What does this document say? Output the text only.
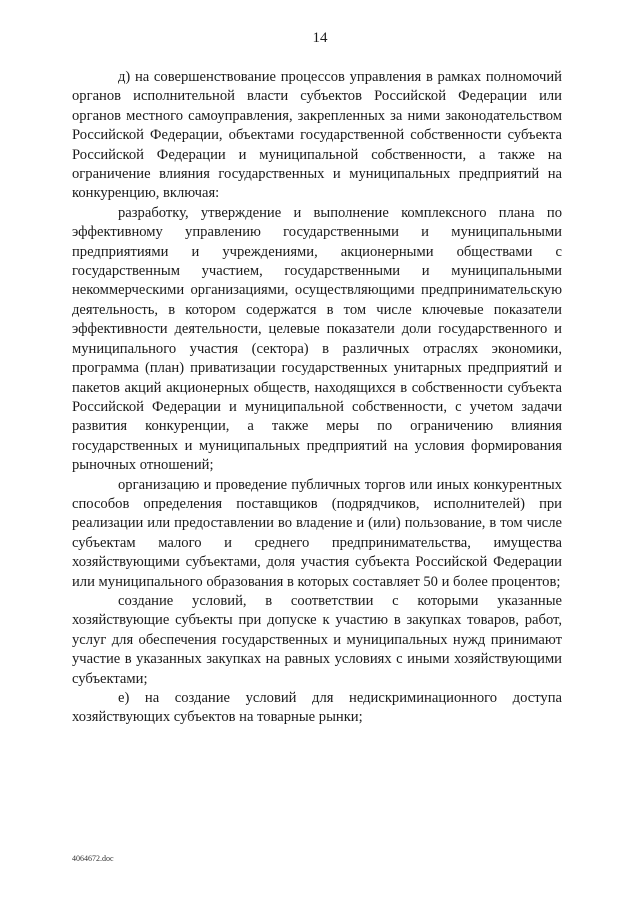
14

д) на совершенствование процессов управления в рамках полномочий органов исполнительной власти субъектов Российской Федерации или органов местного самоуправления, закрепленных за ними законодательством Российской Федерации, объектами государственной собственности субъекта Российской Федерации и муниципальной собственности, а также на ограничение влияния государственных и муниципальных предприятий на конкуренцию, включая:

разработку, утверждение и выполнение комплексного плана по эффективному управлению государственными и муниципальными предприятиями и учреждениями, акционерными обществами с государственным участием, государственными и муниципальными некоммерческими организациями, осуществляющими предпринимательскую деятельность, в котором содержатся в том числе ключевые показатели эффективности деятельности, целевые показатели доли государственного и муниципального участия (сектора) в различных отраслях экономики, программа (план) приватизации государственных унитарных предприятий и пакетов акций акционерных обществ, находящихся в собственности субъекта Российской Федерации и муниципальной собственности, с учетом задачи развития конкуренции, а также меры по ограничению влияния государственных и муниципальных предприятий на условия формирования рыночных отношений;

организацию и проведение публичных торгов или иных конкурентных способов определения поставщиков (подрядчиков, исполнителей) при реализации или предоставлении во владение и (или) пользование, в том числе субъектам малого и среднего предпринимательства, имущества хозяйствующими субъектами, доля участия субъекта Российской Федерации или муниципального образования в которых составляет 50 и более процентов;

создание условий, в соответствии с которыми указанные хозяйствующие субъекты при допуске к участию в закупках товаров, работ, услуг для обеспечения государственных и муниципальных нужд принимают участие в указанных закупках на равных условиях с иными хозяйствующими субъектами;

е) на создание условий для недискриминационного доступа хозяйствующих субъектов на товарные рынки;

4064672.doc
